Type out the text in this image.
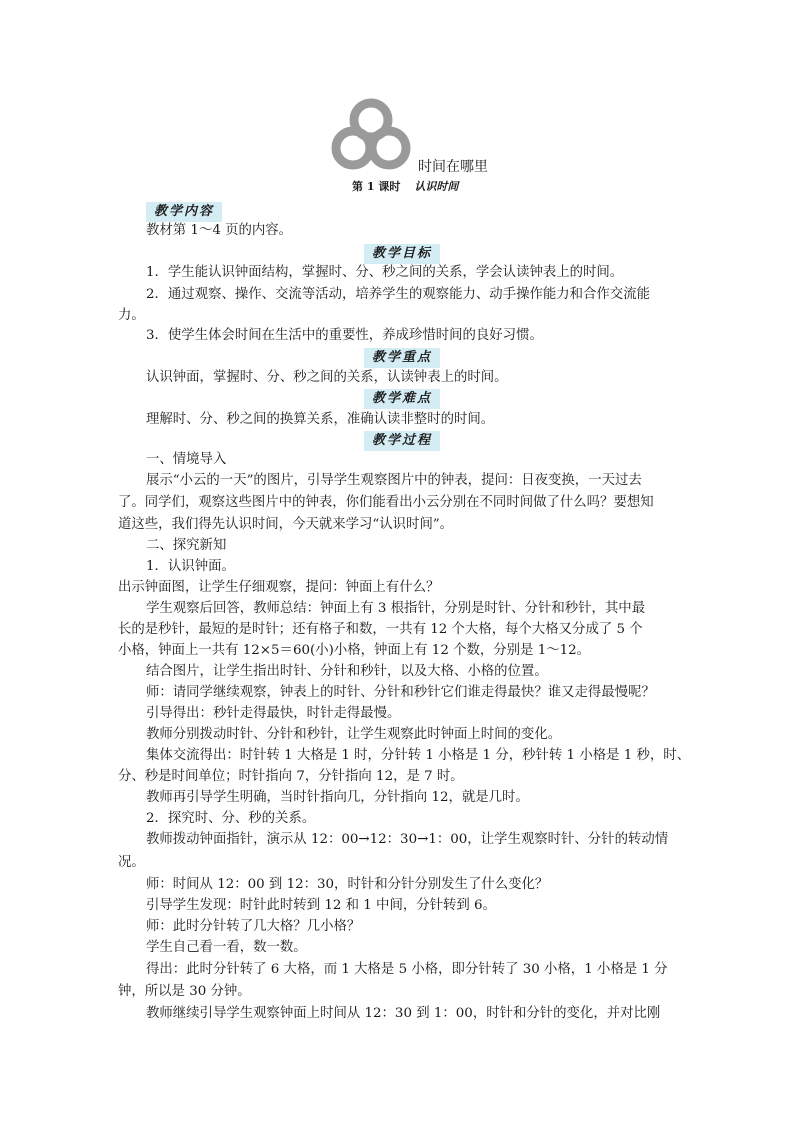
时间在哪里
第 1 课时 认识时间
教学内容
教学目标
教学重点
教学难点
教学过程
教材第 1～4 页的内容。
1．学生能认识钟面结构，掌握时、分、秒之间的关系，学会认读钟表上的时间。
2．通过观察、操作、交流等活动，培养学生的观察能力、动手操作能力和合作交流能
力。
3．使学生体会时间在生活中的重要性，养成珍惜时间的良好习惯。
认识钟面，掌握时、分、秒之间的关系，认读钟表上的时间。
理解时、分、秒之间的换算关系，准确认读非整时的时间。
一、情境导入
展示“小云的一天”的图片，引导学生观察图片中的钟表，提问：日夜变换，一天过去
了。同学们，观察这些图片中的钟表，你们能看出小云分别在不同时间做了什么吗？要想知
道这些，我们得先认识时间，今天就来学习“认识时间”。
二、探究新知
1．认识钟面。
出示钟面图，让学生仔细观察，提问：钟面上有什么？
学生观察后回答，教师总结：钟面上有 3 根指针，分别是时针、分针和秒针，其中最
长的是秒针，最短的是时针；还有格子和数，一共有 12 个大格，每个大格又分成了 5 个
小格，钟面上一共有 12×5＝60(小)小格，钟面上有 12 个数，分别是 1～12。
结合图片，让学生指出时针、分针和秒针，以及大格、小格的位置。
师：请同学继续观察，钟表上的时针、分针和秒针它们谁走得最快？谁又走得最慢呢？
引导得出：秒针走得最快，时针走得最慢。
教师分别拨动时针、分针和秒针，让学生观察此时钟面上时间的变化。
集体交流得出：时针转 1 大格是 1 时，分针转 1 小格是 1 分，秒针转 1 小格是 1 秒，时、
分、秒是时间单位；时针指向 7，分针指向 12，是 7 时。
教师再引导学生明确，当时针指向几，分针指向 12，就是几时。
2．探究时、分、秒的关系。
教师拨动钟面指针，演示从 12：00→12：30→1：00，让学生观察时针、分针的转动情
况。
师：时间从 12：00 到 12：30，时针和分针分别发生了什么变化？
引导学生发现：时针此时转到 12 和 1 中间，分针转到 6。
师：此时分针转了几大格？几小格？
学生自己看一看，数一数。
得出：此时分针转了 6 大格，而 1 大格是 5 小格，即分针转了 30 小格，1 小格是 1 分
钟，所以是 30 分钟。
教师继续引导学生观察钟面上时间从 12：30 到 1：00，时针和分针的变化，并对比刚
